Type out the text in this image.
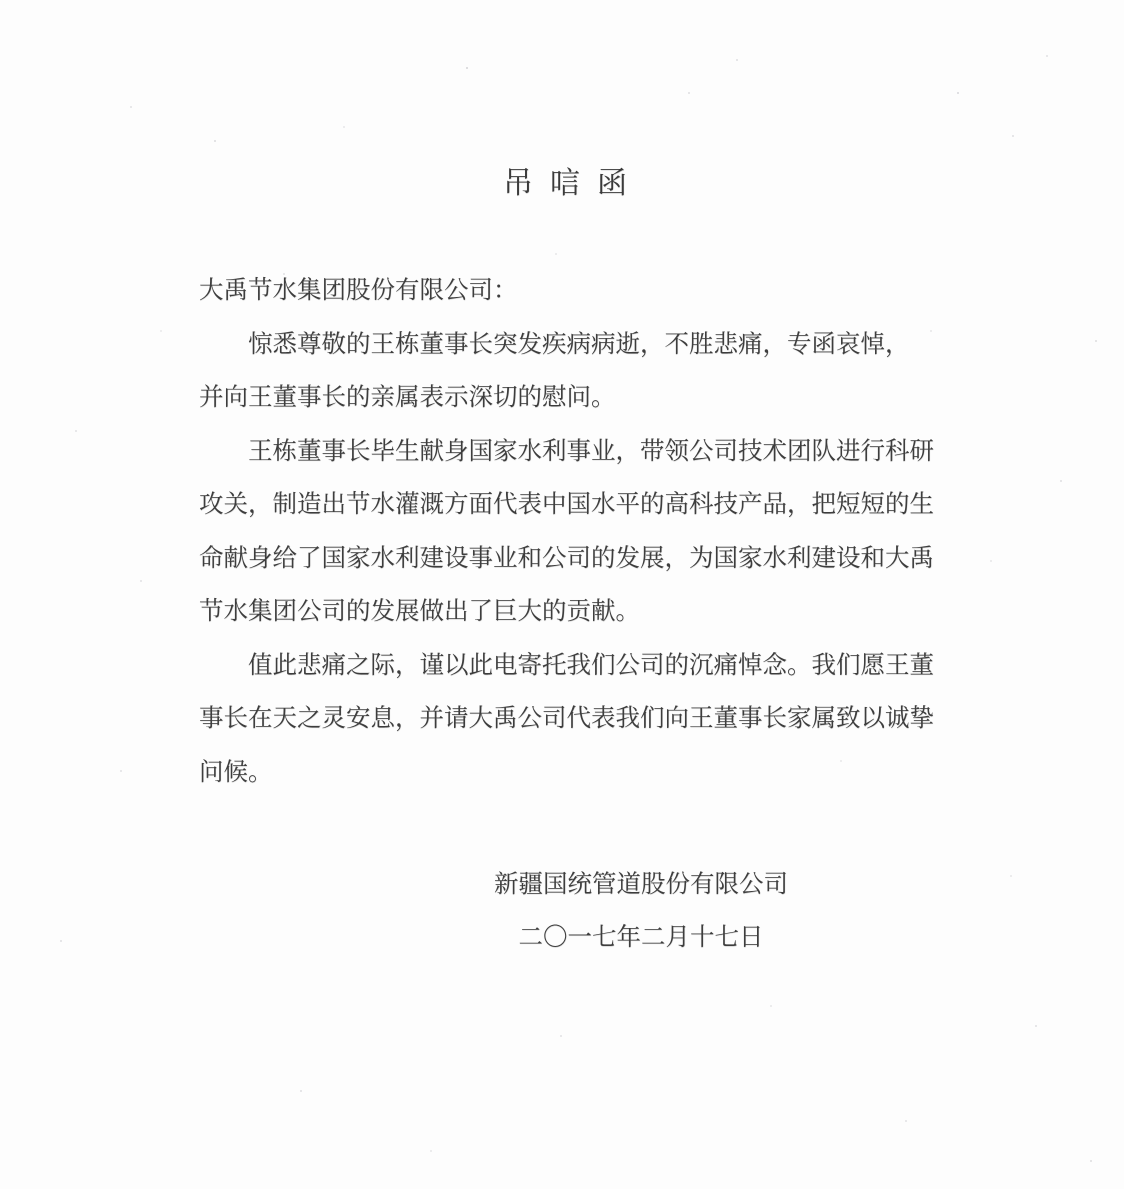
吊唁函
大禹节水集团股份有限公司：
　　惊悉尊敬的王栋董事长突发疾病病逝，不胜悲痛，专函哀悼，
并向王董事长的亲属表示深切的慰问。
　　王栋董事长毕生献身国家水利事业，带领公司技术团队进行科研
攻关，制造出节水灌溉方面代表中国水平的高科技产品，把短短的生
命献身给了国家水利建设事业和公司的发展，为国家水利建设和大禹
节水集团公司的发展做出了巨大的贡献。
　　值此悲痛之际，谨以此电寄托我们公司的沉痛悼念。我们愿王董
事长在天之灵安息，并请大禹公司代表我们向王董事长家属致以诚挚
问候。
新疆国统管道股份有限公司
二〇一七年二月十七日
